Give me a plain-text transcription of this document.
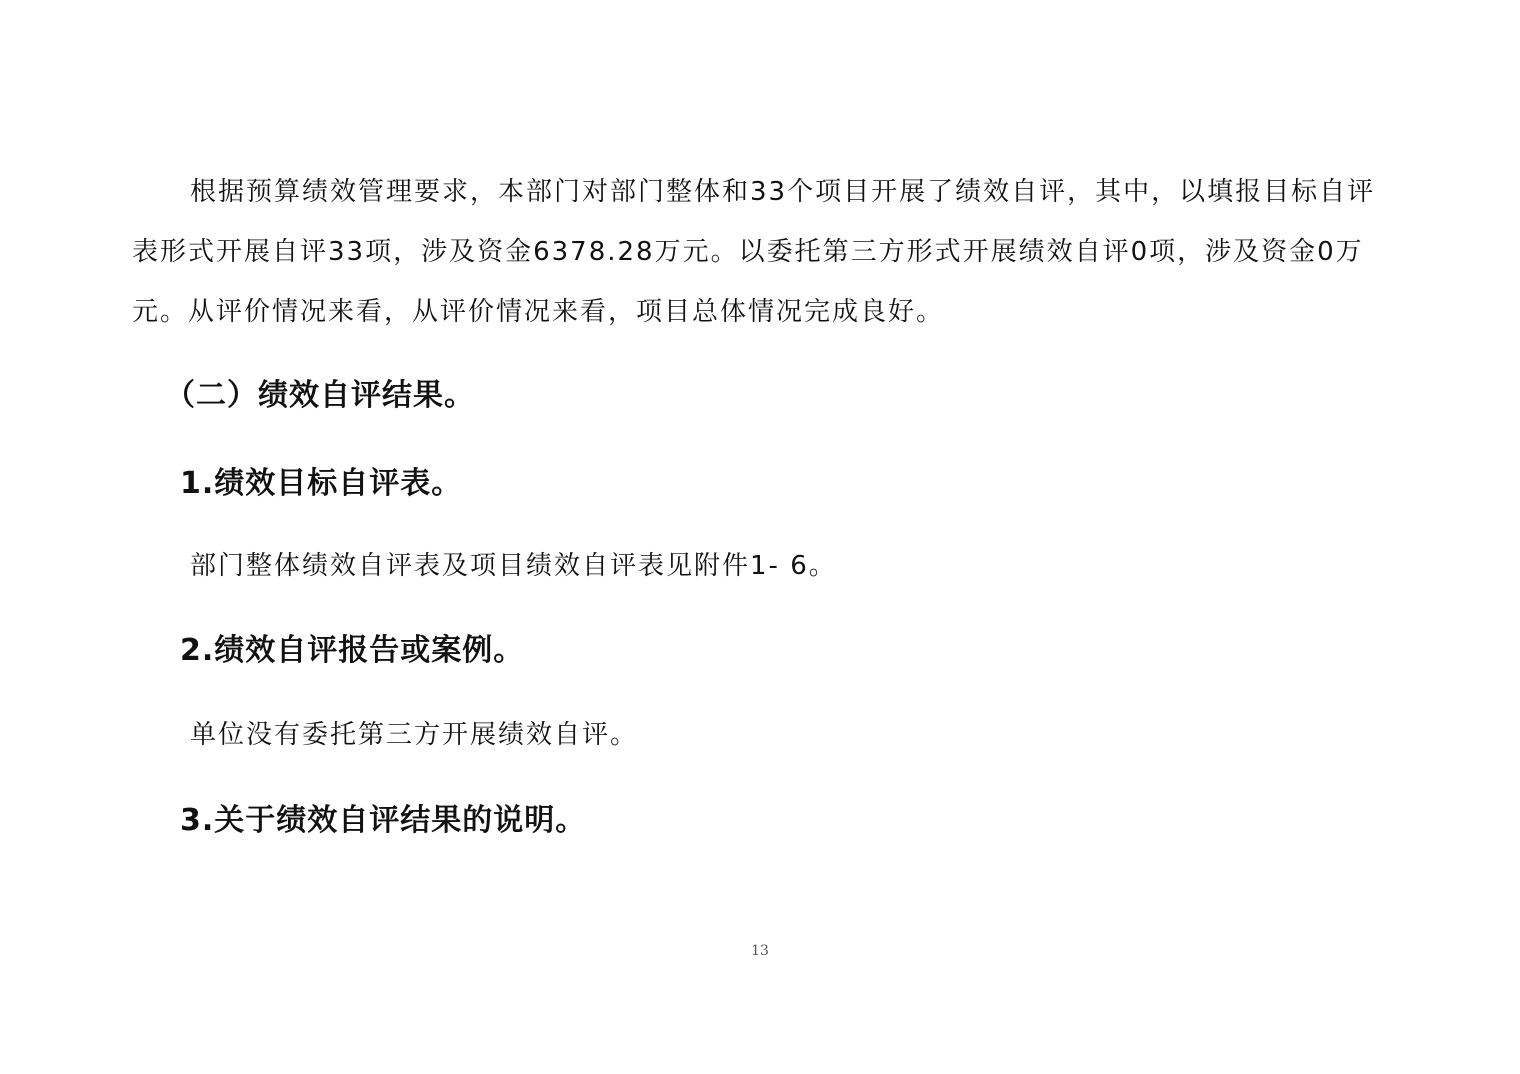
根据预算绩效管理要求，本部门对部门整体和33个项目开展了绩效自评，其中，以填报目标自评表形式开展自评33项，涉及资金6378.28万元。以委托第三方形式开展绩效自评0项，涉及资金0万元。从评价情况来看，从评价情况来看，项目总体情况完成良好。

（二）绩效自评结果。
1.绩效目标自评表。

部门整体绩效自评表及项目绩效自评表见附件1- 6。

2.绩效自评报告或案例。

单位没有委托第三方开展绩效自评。

3.关于绩效自评结果的说明。
13
